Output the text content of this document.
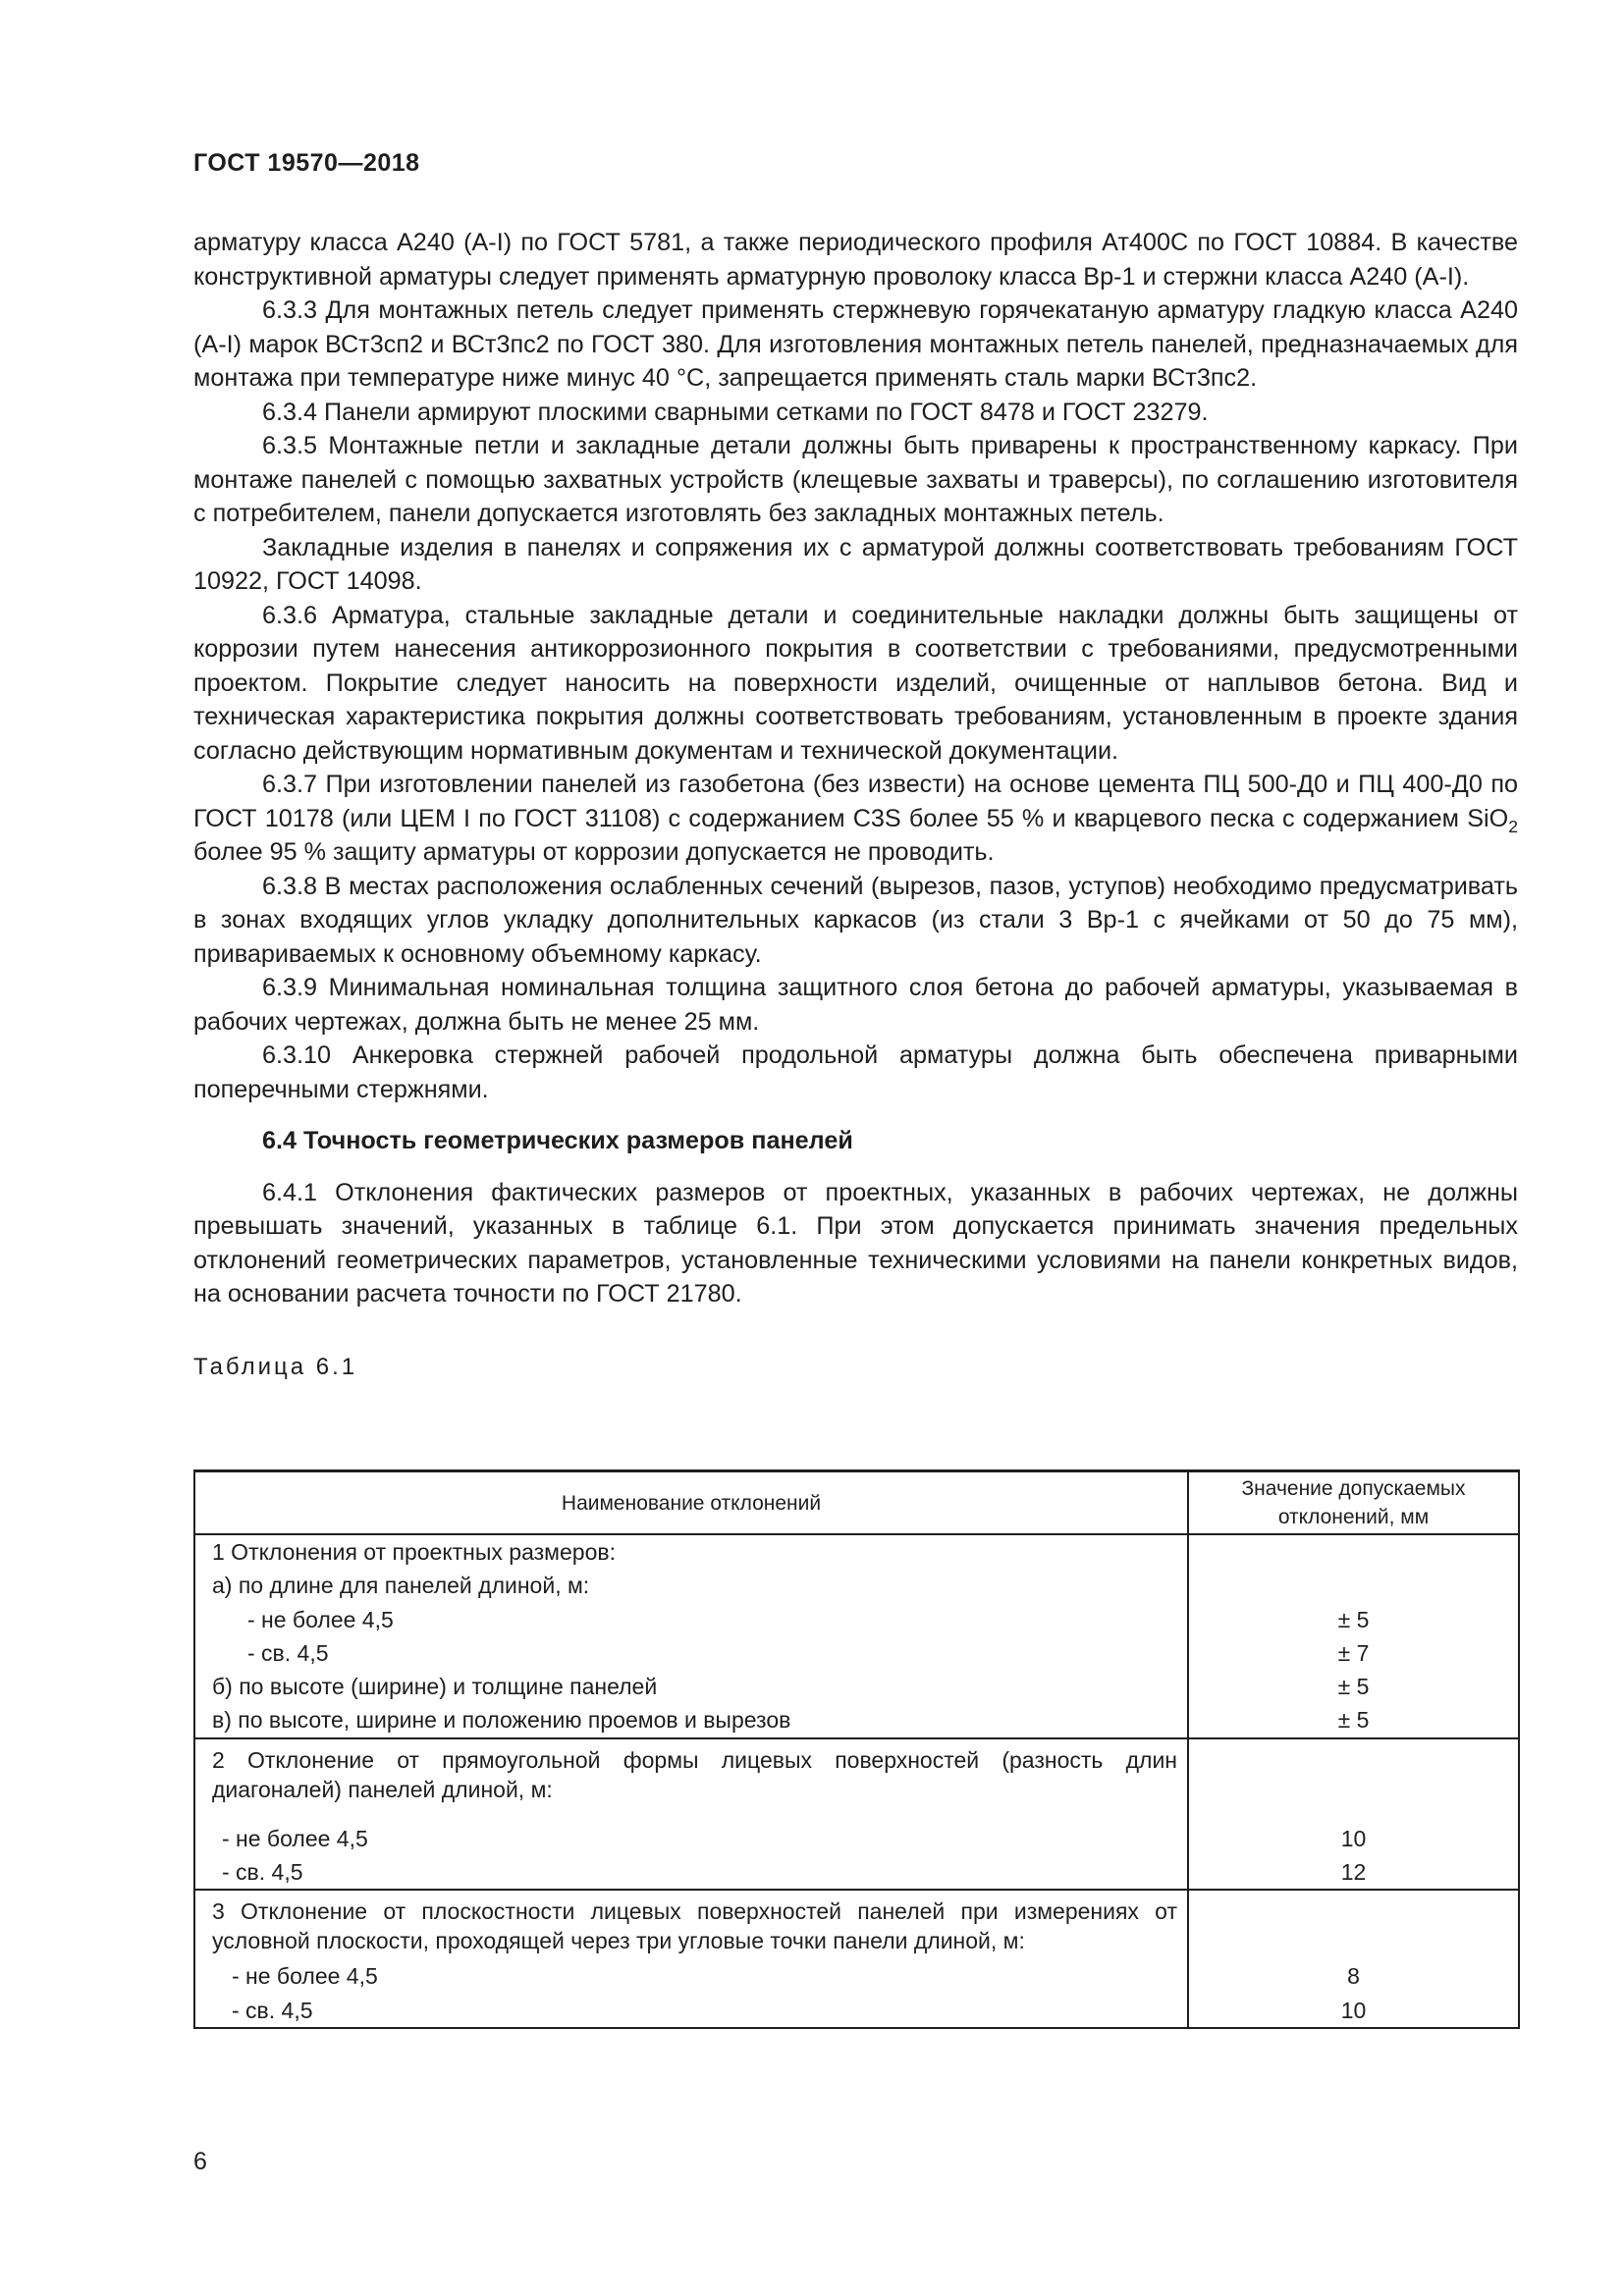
ГОСТ 19570—2018

арматуру класса А240 (A-I) по ГОСТ 5781, а также периодического профиля Ат400С по ГОСТ 10884. В качестве конструктивной арматуры следует применять арматурную проволоку класса Вр-1 и стержни класса А240 (A-I).

6.3.3 Для монтажных петель следует применять стержневую горячекатаную арматуру гладкую класса А240 (A-I) марок ВСт3сп2 и ВСт3пс2 по ГОСТ 380. Для изготовления монтажных петель панелей, предназначаемых для монтажа при температуре ниже минус 40 °С, запрещается применять сталь марки ВСт3пс2.

6.3.4 Панели армируют плоскими сварными сетками по ГОСТ 8478 и ГОСТ 23279.

6.3.5 Монтажные петли и закладные детали должны быть приварены к пространственному каркасу. При монтаже панелей с помощью захватных устройств (клещевые захваты и траверсы), по соглашению изготовителя с потребителем, панели допускается изготовлять без закладных монтажных петель.

Закладные изделия в панелях и сопряжения их с арматурой должны соответствовать требованиям ГОСТ 10922, ГОСТ 14098.

6.3.6 Арматура, стальные закладные детали и соединительные накладки должны быть защищены от коррозии путем нанесения антикоррозионного покрытия в соответствии с требованиями, предусмотренными проектом. Покрытие следует наносить на поверхности изделий, очищенные от наплывов бетона. Вид и техническая характеристика покрытия должны соответствовать требованиям, установленным в проекте здания согласно действующим нормативным документам и технической документации.

6.3.7 При изготовлении панелей из газобетона (без извести) на основе цемента ПЦ 500-Д0 и ПЦ 400-Д0 по ГОСТ 10178 (или ЦЕМ I по ГОСТ 31108) с содержанием C3S более 55 % и кварцевого песка с содержанием SiO$_2$ более 95 % защиту арматуры от коррозии допускается не проводить.

6.3.8 В местах расположения ослабленных сечений (вырезов, пазов, уступов) необходимо предусматривать в зонах входящих углов укладку дополнительных каркасов (из стали 3 Вр-1 с ячейками от 50 до 75 мм), привариваемых к основному объемному каркасу.

6.3.9 Минимальная номинальная толщина защитного слоя бетона до рабочей арматуры, указываемая в рабочих чертежах, должна быть не менее 25 мм.

6.3.10 Анкеровка стержней рабочей продольной арматуры должна быть обеспечена приварными поперечными стержнями.

6.4 Точность геометрических размеров панелей

6.4.1 Отклонения фактических размеров от проектных, указанных в рабочих чертежах, не должны превышать значений, указанных в таблице 6.1. При этом допускается принимать значения предельных отклонений геометрических параметров, установленные техническими условиями на панели конкретных видов, на основании расчета точности по ГОСТ 21780.

Таблица 6.1

Наименование отклонений	Значение допускаемых
отклонений, мм
1 Отклонения от проектных размеров:	
а) по длине для панелей длиной, м:	
- не более 4,5	± 5
- св. 4,5	± 7
б) по высоте (ширине) и толщине панелей	± 5
в) по высоте, ширине и положению проемов и вырезов	± 5
2 Отклонение от прямоугольной формы лицевых поверхностей (разность длин диагоналей) панелей длиной, м:	
- не более 4,5	10
- св. 4,5	12
3 Отклонение от плоскостности лицевых поверхностей панелей при измерениях от условной плоскости, проходящей через три угловые точки панели длиной, м:	
- не более 4,5	8
- св. 4,5	10
6
